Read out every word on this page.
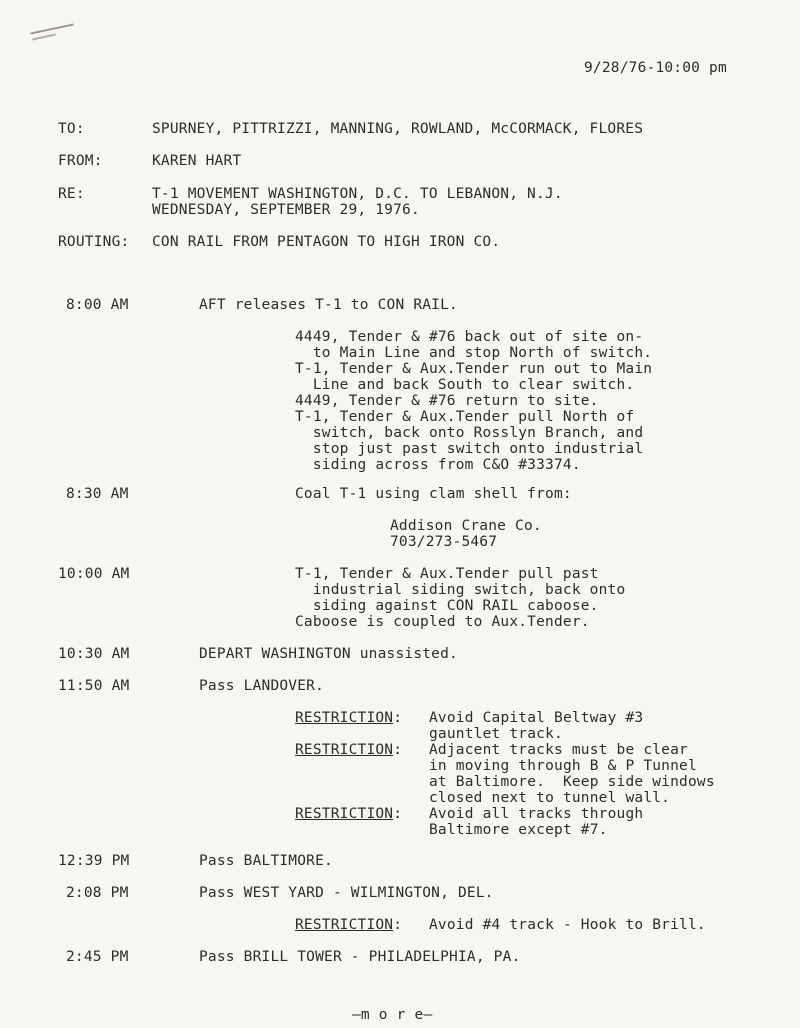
9/28/76-10:00 pm
TO:	SPURNEY, PITTRIZZI, MANNING, ROWLAND, McCORMACK, FLORES
FROM:	KAREN HART
RE:	T-1 MOVEMENT WASHINGTON, D.C. TO LEBANON, N.J.
WEDNESDAY, SEPTEMBER 29, 1976.
ROUTING: CON RAIL FROM PENTAGON TO HIGH IRON CO.
8:00 AM	AFT releases T-1 to CON RAIL.
4449, Tender & #76 back out of site on-
to Main Line and stop North of switch.
T-1, Tender & Aux.Tender run out to Main
Line and back South to clear switch.
4449, Tender & #76 return to site.
T-1, Tender & Aux.Tender pull North of
switch, back onto Rosslyn Branch, and
stop just past switch onto industrial
siding across from C&O #33374.
8:30 AM	Coal T-1 using clam shell from:
Addison Crane Co.
703/273-5467
10:00 AM	T-1, Tender & Aux.Tender pull past
industrial siding switch, back onto
siding against CON RAIL caboose.
Caboose is coupled to Aux.Tender.
10:30 AM	DEPART WASHINGTON unassisted.
11:50 AM	Pass LANDOVER.
RESTRICTION: Avoid Capital Beltway #3
gauntlet track.
RESTRICTION: Adjacent tracks must be clear
in moving through B & P Tunnel
at Baltimore.  Keep side windows
closed next to tunnel wall.
RESTRICTION: Avoid all tracks through
Baltimore except #7.
12:39 PM	Pass BALTIMORE.
2:08 PM	Pass WEST YARD - WILMINGTON, DEL.
RESTRICTION: Avoid #4 track - Hook to Brill.
2:45 PM	Pass BRILL TOWER - PHILADELPHIA, PA.
—m o r e—
